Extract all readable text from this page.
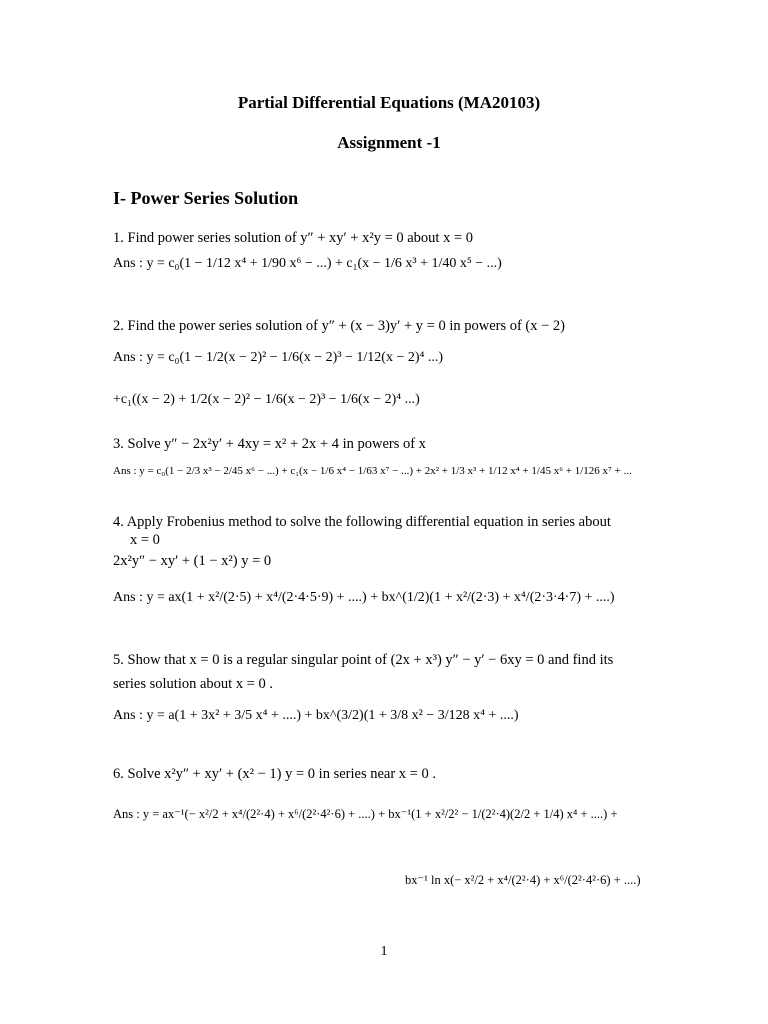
Partial Differential Equations (MA20103)
Assignment -1
I- Power Series Solution
1. Find power series solution of y″ + xy′ + x²y = 0 about x = 0
Ans : y = c₀(1 − 1/12 x⁴ + 1/90 x⁶ − ...) + c₁(x − 1/6 x³ + 1/40 x⁵ − ...)
2. Find the power series solution of y″ + (x − 3)y′ + y = 0 in powers of (x − 2)
Ans : y = c₀(1 − 1/2(x − 2)² − 1/6(x − 2)³ − 1/12(x − 2)⁴ ...)
+c₁((x − 2) + 1/2(x − 2)² − 1/6(x − 2)³ − 1/6(x − 2)⁴ ...)
3. Solve y″ − 2x²y′ + 4xy = x² + 2x + 4 in powers of x
Ans : y = c₀(1 − 2/3 x³ − 2/45 x⁶ − ...) + c₁(x − 1/6 x⁴ − 1/63 x⁷ − ...) + 2x² + 1/3 x³ + 1/12 x⁴ + 1/45 x⁶ + 1/126 x⁷ + ...
4. Apply Frobenius method to solve the following differential equation in series about
x = 0
2x²y″ − xy′ + (1 − x²) y = 0
Ans : y = ax(1 + x²/(2·5) + x⁴/(2·4·5·9) + ....) + bx^(1/2)(1 + x²/(2·3) + x⁴/(2·3·4·7) + ....)
5. Show that x = 0 is a regular singular point of (2x + x³) y″ − y′ − 6xy = 0 and find its
series solution about x = 0 .
Ans : y = a(1 + 3x² + 3/5 x⁴ + ....) + bx^(3/2)(1 + 3/8 x² − 3/128 x⁴ + ....)
6. Solve x²y″ + xy′ + (x² − 1) y = 0 in series near x = 0 .
Ans : y = ax⁻¹(− x²/2 + x⁴/(2²·4) + x⁶/(2²·4²·6) + ....) + bx⁻¹(1 + x²/2² − 1/(2²·4)(2/2 + 1/4) x⁴ + ....) +
bx⁻¹ ln x(− x²/2 + x⁴/(2²·4) + x⁶/(2²·4²·6) + ....)
1
